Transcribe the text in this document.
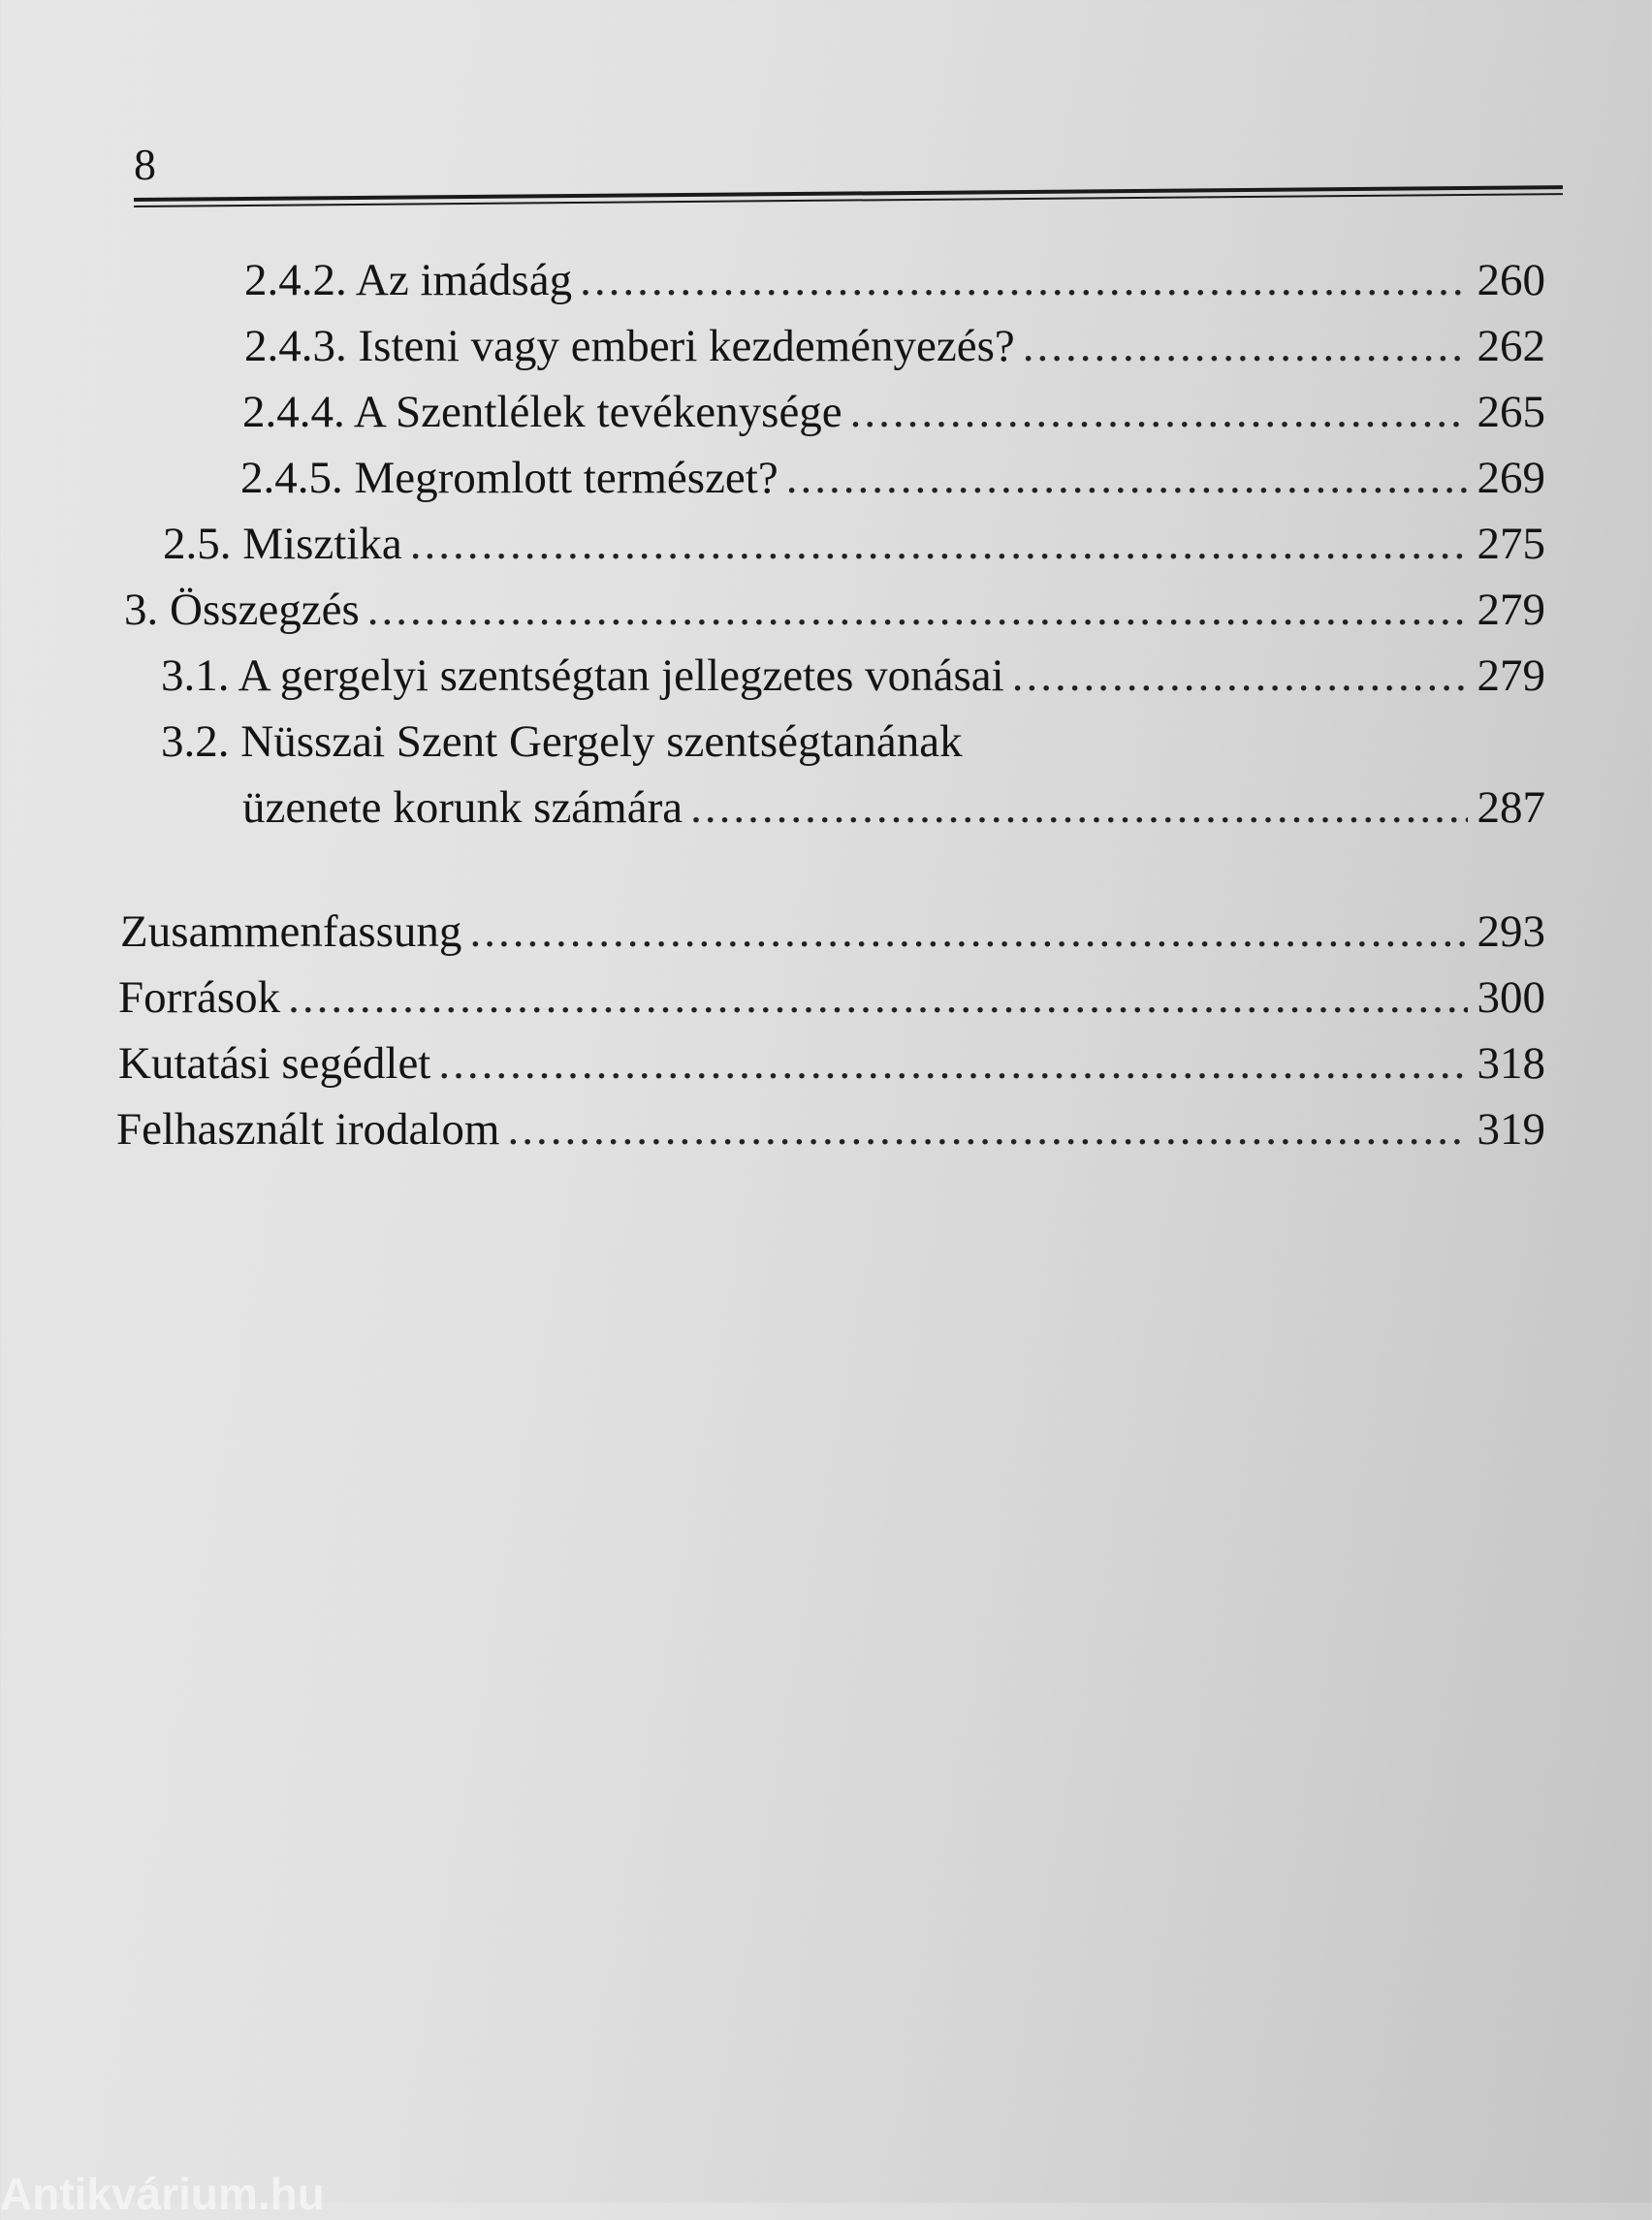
8
2.4.2. Az imádság .....	260
2.4.3. Isteni vagy emberi kezdeményezés? .....	262
2.4.4. A Szentlélek tevékenysége .....	265
2.4.5. Megromlott természet? .....	269
2.5. Misztika .....	275
3. Összegzés .....	279
3.1. A gergelyi szentségtan jellegzetes vonásai .....	279
3.2. Nüsszai Szent Gergely szentségtanának
üzenete korunk számára .....	287
Zusammenfassung .....	293
Források .....	300
Kutatási segédlet .....	318
Felhasznált irodalom .....	319
Antikvárium.hu
